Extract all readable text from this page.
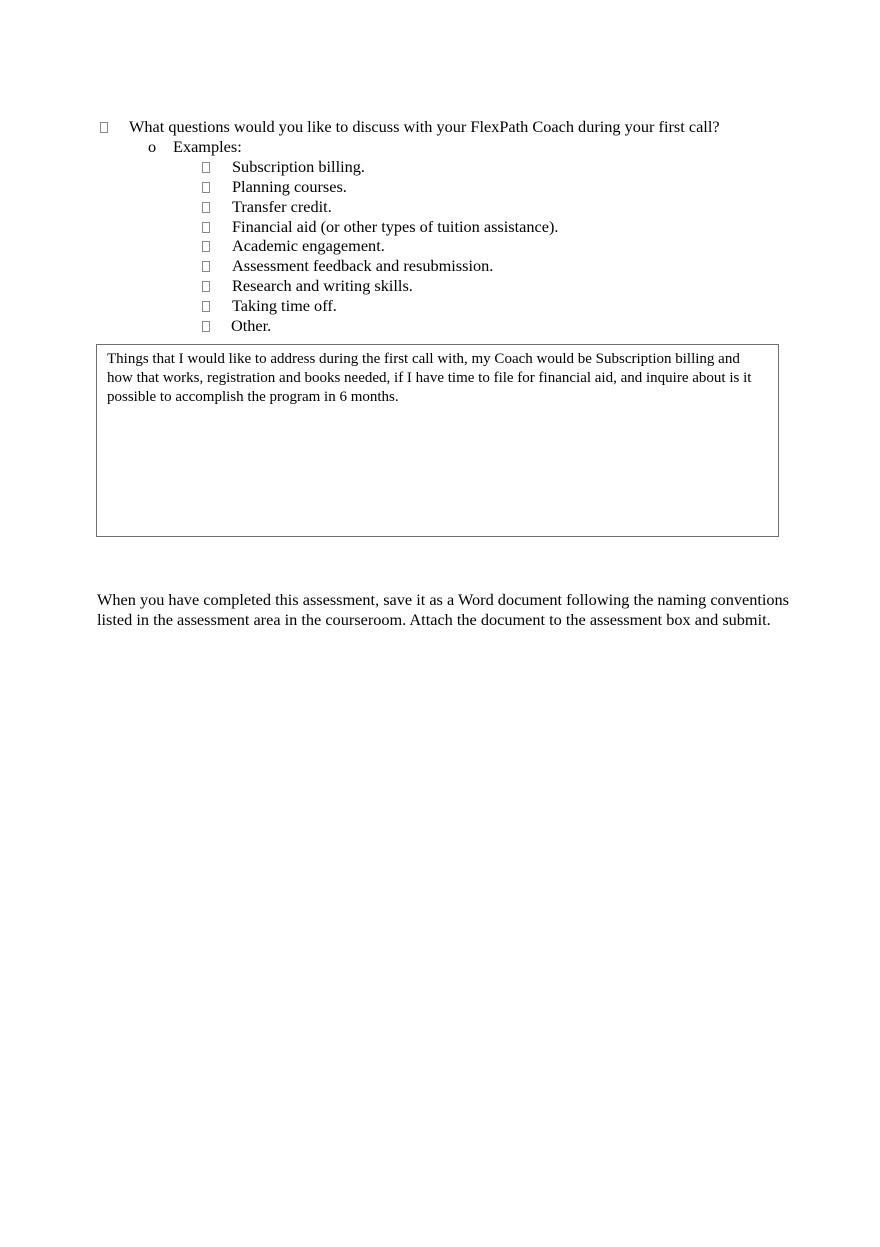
What questions would you like to discuss with your FlexPath Coach during your first call?
o Examples:
Subscription billing.
Planning courses.
Transfer credit.
Financial aid (or other types of tuition assistance).
Academic engagement.
Assessment feedback and resubmission.
Research and writing skills.
Taking time off.
Other.
Things that I would like to address during the first call with, my Coach would be Subscription billing and how that works, registration and books needed, if I have time to file for financial aid, and inquire about is it possible to accomplish the program in 6 months.
When you have completed this assessment, save it as a Word document following the naming conventions listed in the assessment area in the courseroom. Attach the document to the assessment box and submit.
